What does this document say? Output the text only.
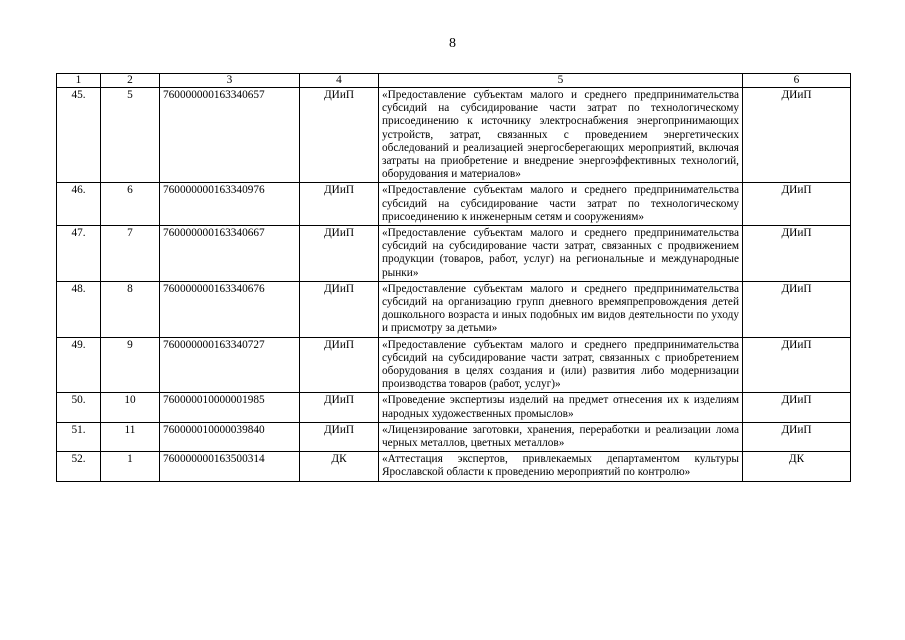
8
1	2	3	4	5	6
45.	5	760000000163340657	ДИиП	«Предоставление субъектам малого и среднего предпринимательства субсидий на субсидирование части затрат по технологическому присоединению к источнику электроснабжения энергопринимающих устройств, затрат, связанных с проведением энергетических обследований и реализацией энергосберегающих мероприятий, включая затраты на приобретение и внедрение энергоэффективных технологий, оборудования и материалов»	ДИиП
46.	6	760000000163340976	ДИиП	«Предоставление субъектам малого и среднего предпринимательства субсидий на субсидирование части затрат по технологическому присоединению к инженерным сетям и сооружениям»	ДИиП
47.	7	760000000163340667	ДИиП	«Предоставление субъектам малого и среднего предпринимательства субсидий на субсидирование части затрат, связанных с продвижением продукции (товаров, работ, услуг) на региональные и международные рынки»	ДИиП
48.	8	760000000163340676	ДИиП	«Предоставление субъектам малого и среднего предпринимательства субсидий на организацию групп дневного времяпрепровождения детей дошкольного возраста и иных подобных им видов деятельности по уходу и присмотру за детьми»	ДИиП
49.	9	760000000163340727	ДИиП	«Предоставление субъектам малого и среднего предпринимательства субсидий на субсидирование части затрат, связанных с приобретением оборудования в целях создания и (или) развития либо модернизации производства товаров (работ, услуг)»	ДИиП
50.	10	760000010000001985	ДИиП	«Проведение экспертизы изделий на предмет отнесения их к изделиям народных художественных промыслов»	ДИиП
51.	11	760000010000039840	ДИиП	«Лицензирование заготовки, хранения, переработки и реализации лома черных металлов, цветных металлов»	ДИиП
52.	1	760000000163500314	ДК	«Аттестация экспертов, привлекаемых департаментом культуры Ярославской области к проведению мероприятий по контролю»	ДК
